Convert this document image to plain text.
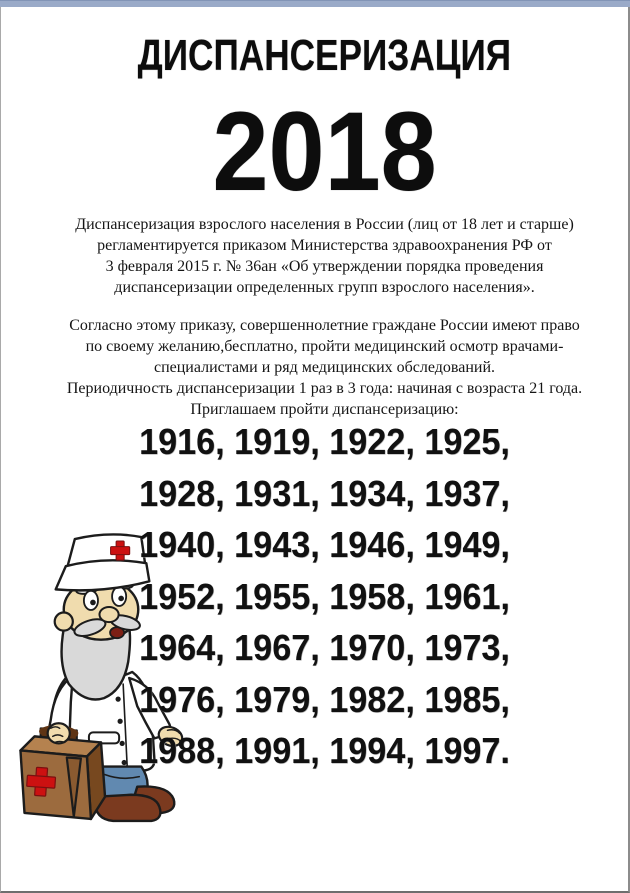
ДИСПАНСЕРИЗАЦИЯ
2018
Диспансеризация взрослого населения в России (лиц от 18 лет и старше)
регламентируется приказом Министерства здравоохранения РФ от
3 февраля 2015 г. № 36ан «Об утверждении порядка проведения
диспансеризации определенных групп взрослого населения».
Согласно этому приказу, совершеннолетние граждане России имеют право
по своему желанию,бесплатно, пройти медицинский осмотр врачами-
специалистами и ряд медицинских обследований.
Периодичность диспансеризации 1 раз в 3 года: начиная с возраста 21 года.
Приглашаем пройти диспансеризацию:
1916, 1919, 1922, 1925,
1928, 1931, 1934, 1937,
1940, 1943, 1946, 1949,
1952, 1955, 1958, 1961,
1964, 1967, 1970, 1973,
1976, 1979, 1982, 1985,
1988, 1991, 1994, 1997.
